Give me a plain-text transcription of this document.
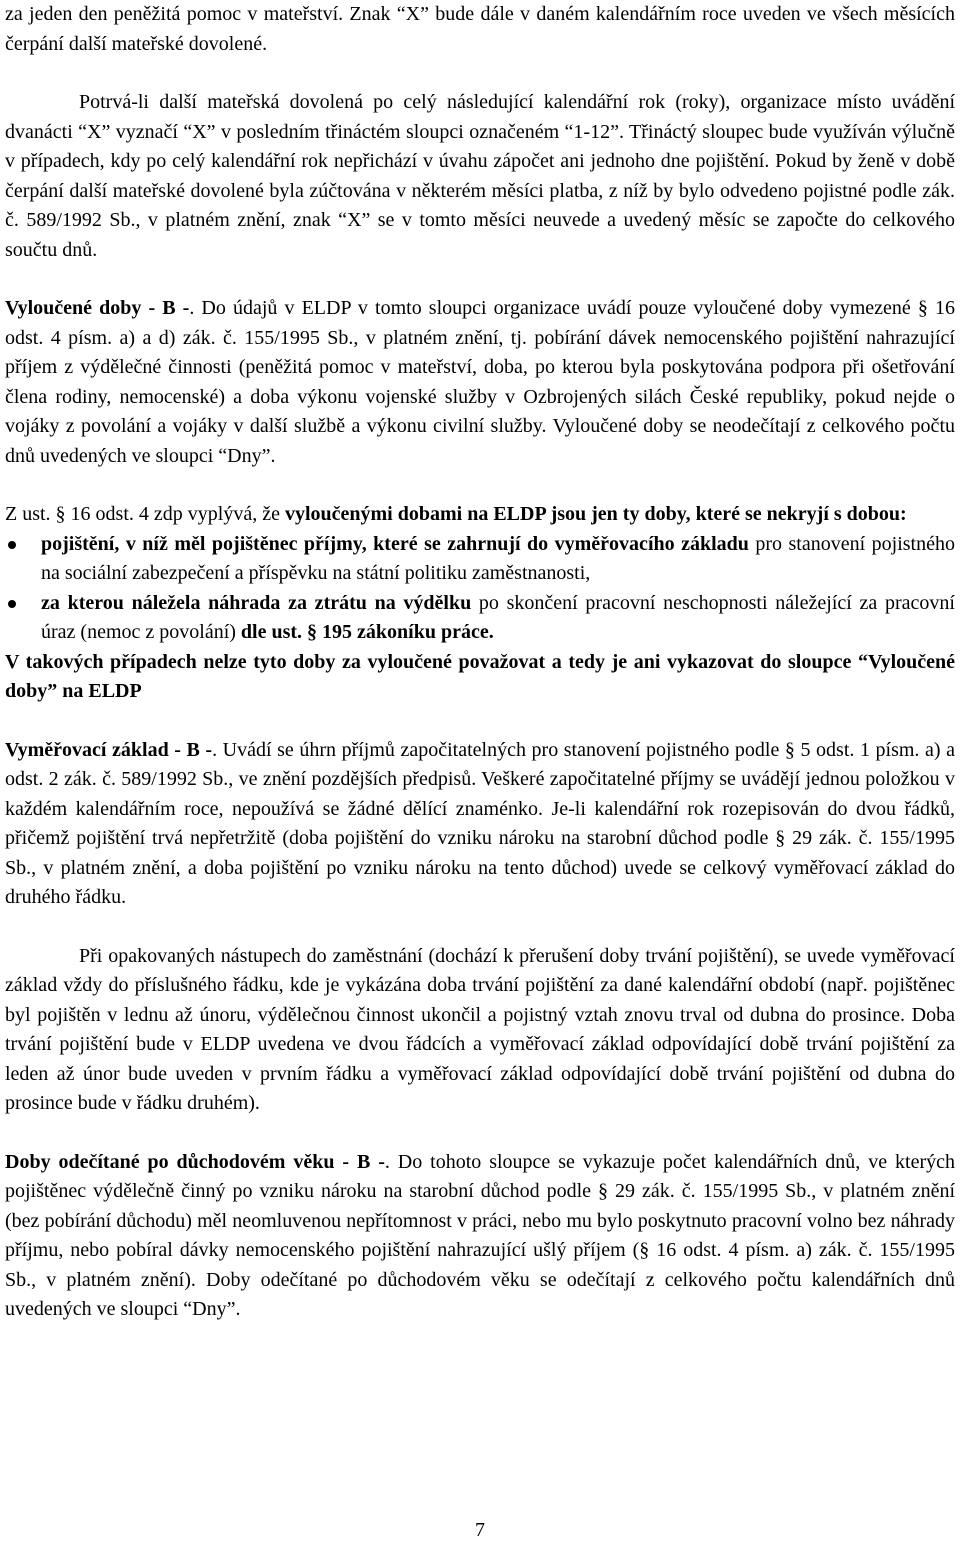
za jeden den peněžitá pomoc v mateřství. Znak “X” bude dále v daném kalendářním roce uveden ve všech měsících čerpání další mateřské dovolené.

Potrvá-li další mateřská dovolená po celý následující kalendářní rok (roky), organizace místo uvádění dvanácti “X” vyznačí “X” v posledním třináctém sloupci označeném “1-12”. Třináctý sloupec bude využíván výlučně v případech, kdy po celý kalendářní rok nepřichází v úvahu zápočet ani jednoho dne pojištění. Pokud by ženě v době čerpání další mateřské dovolené byla zúčtována v některém měsíci platba, z níž by bylo odvedeno pojistné podle zák. č. 589/1992 Sb., v platném znění, znak “X” se v tomto měsíci neuvede a uvedený měsíc se započte do celkového součtu dnů.

Vyloučené doby - B -. Do údajů v ELDP v tomto sloupci organizace uvádí pouze vyloučené doby vymezené § 16 odst. 4 písm. a) a d) zák. č. 155/1995 Sb., v platném znění, tj. pobírání dávek nemocenského pojištění nahrazující příjem z výdělečné činnosti (peněžitá pomoc v mateřství, doba, po kterou byla poskytována podpora při ošetřování člena rodiny, nemocenské) a doba výkonu vojenské služby v Ozbrojených silách České republiky, pokud nejde o vojáky z povolání a vojáky v další službě a výkonu civilní služby. Vyloučené doby se neodečítají z celkového počtu dnů uvedených ve sloupci “Dny”.

Z ust. § 16 odst. 4 zdp vyplývá, že vyloučenými dobami na ELDP jsou jen ty doby, které se nekryjí s dobou:

pojištění, v níž měl pojištěnec příjmy, které se zahrnují do vyměřovacího základu pro stanovení pojistného na sociální zabezpečení a příspěvku na státní politiku zaměstnanosti,
za kterou náležela náhrada za ztrátu na výdělku po skončení pracovní neschopnosti náležející za pracovní úraz (nemoc z povolání) dle ust. § 195 zákoníku práce.

V takových případech nelze tyto doby za vyloučené považovat a tedy je ani vykazovat do sloupce “Vyloučené doby” na ELDP

Vyměřovací základ - B -. Uvádí se úhrn příjmů započitatelných pro stanovení pojistného podle § 5 odst. 1 písm. a) a odst. 2 zák. č. 589/1992 Sb., ve znění pozdějších předpisů. Veškeré započitatelné příjmy se uvádějí jednou položkou v každém kalendářním roce, nepoužívá se žádné dělící znaménko. Je-li kalendářní rok rozepisován do dvou řádků, přičemž pojištění trvá nepřetržitě (doba pojištění do vzniku nároku na starobní důchod podle § 29 zák. č. 155/1995 Sb., v platném znění, a doba pojištění po vzniku nároku na tento důchod) uvede se celkový vyměřovací základ do druhého řádku.

Při opakovaných nástupech do zaměstnání (dochází k přerušení doby trvání pojištění), se uvede vyměřovací základ vždy do příslušného řádku, kde je vykázána doba trvání pojištění za dané kalendářní období (např. pojištěnec byl pojištěn v lednu až únoru, výdělečnou činnost ukončil a pojistný vztah znovu trval od dubna do prosince. Doba trvání pojištění bude v ELDP uvedena ve dvou řádcích a vyměřovací základ odpovídající době trvání pojištění za leden až únor bude uveden v prvním řádku a vyměřovací základ odpovídající době trvání pojištění od dubna do prosince bude v řádku druhém).

Doby odečítané po důchodovém věku - B -. Do tohoto sloupce se vykazuje počet kalendářních dnů, ve kterých pojištěnec výdělečně činný po vzniku nároku na starobní důchod podle § 29 zák. č. 155/1995 Sb., v platném znění (bez pobírání důchodu) měl neomluvenou nepřítomnost v práci, nebo mu bylo poskytnuto pracovní volno bez náhrady příjmu, nebo pobíral dávky nemocenského pojištění nahrazující ušlý příjem (§ 16 odst. 4 písm. a) zák. č. 155/1995 Sb., v platném znění). Doby odečítané po důchodovém věku se odečítají z celkového počtu kalendářních dnů uvedených ve sloupci “Dny”.

7
